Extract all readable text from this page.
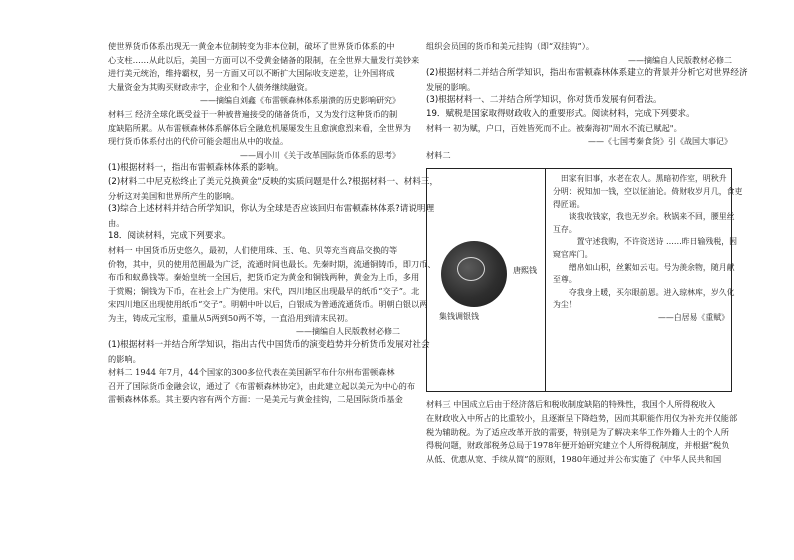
使世界货币体系出现无一黄金本位制转变为非本位制，破坏了世界货币体系的中
心支柱……从此以后，美国一方面可以不受黄金储备的限制，在全世界大量发行美钞来
进行美元统治，维持霸权，另一方面又可以不断扩大国际收支逆差，让外国将成
大量资金为其购买财政赤字，企业和个人债务继续融资。
——摘编自刘鑫《布雷顿森林体系崩溃的历史影响研究》
材料三 经济全球化既受益于一种被普遍接受的储备货币，又为发行这种货币的制
度缺陷所累。从布雷顿森林体系解体后全融危机屡屡发生且愈演愈烈来看，全世界为
现行货币体系付出的代价可能会超出从中的收益。
——周小川《关于改革国际货币体系的思考》
(1)根据材料一，指出布雷顿森林体系的影响。
(2)材料二中尼克松终止了美元兑换黄金"反映的实质问题是什么?根据材料一、材料三，
分析这对美国和世界所产生的影响。
(3)综合上述材料并结合所学知识，你认为全球是否应该回归布雷顿森林体系?请说明理
由。
18．阅读材料，完成下列要求。
材料一 中国货币历史悠久，最初，人们使用珠、玉、龟、贝等充当商品交换的等
价物，其中，贝的使用范围最为广泛，流通时间也最长。先秦时期，流通铜铸币，即刀币、
布币和蚁鼻钱等。秦始皇统一全国后，把货币定为黄金和铜钱两种，黄金为上币，多用
于赏赐；铜钱为下币，在社会上广为使用。宋代，四川地区出现最早的纸币“交子”。北
宋四川地区出现使用纸币“交子”。明朝中叶以后，白银成为普通流通货币。明朝白银以两
为主，铸成元宝形，重量从5两到50两不等，一直沿用到清末民初。
——摘编自人民版教材必修二
(1)根据材料一并结合所学知识，指出古代中国货币的演变趋势并分析货币发展对社会
的影响。
材料二 1944 年7月，44个国家的300多位代表在美国新罕布什尔州布雷顿森林
召开了国际货币金融会议，通过了《布雷顿森林协定》，由此建立起以美元为中心的布
雷顿森林体系。其主要内容有两个方面：一是美元与黄金挂钩，二是国际货币基金
组织会员国的货币和美元挂钩（即“双挂钩”）。
——摘编自人民版教材必修二
(2)根据材料二并结合所学知识，指出布雷顿森林体系建立的背景并分析它对世界经济
发展的影响。
(3)根据材料一、二并结合所学知识，你对货币发展有何看法。
19．赋税是国家取得财政收入的重要形式。阅读材料，完成下列要求。
材料一 初为赋，户口，百姓皆死而不止。被秦海初"周水不流已赋起"。
——《七国考秦食货》引《战国大事记》
材料二
唐熙钱
集钱调银钱
　田家有旧事，水老在农人。黑暗初作室，明秋升
分明：祝知加一钱，空以征油论。倚财收岁月几，食吏
得匠谣。
　　谈我收钱家，我也无岁余。秋锅来不回，腰里丝
互存。
　　　置守述我购，不许资送诗 ……昨日输残税，因
窥官库门。
　　缯帛如山积，丝絮如云屯。号为羡余物，随月献
至尊。
　　夺我身上暖，买尔眼前恩。进入琼林库，岁久化
为尘！
——白居易《重赋》
材料三 中国成立后由于经济落后和税收制度缺陷的特殊性，我国个人所得税收入
在财政收入中所占的比重较小，且逐渐呈下降趋势，因而其职能作用仅为补充并仅能部
税为辅助税。为了适应改革开放的需要，特别是为了解决来华工作外籍人士的个人所
得税问题，财政部税务总局于1978年便开始研究建立个人所得税制度，并根据“税负
从低、优惠从宽、手续从简”的原则，1980年通过并公布实施了《中华人民共和国
